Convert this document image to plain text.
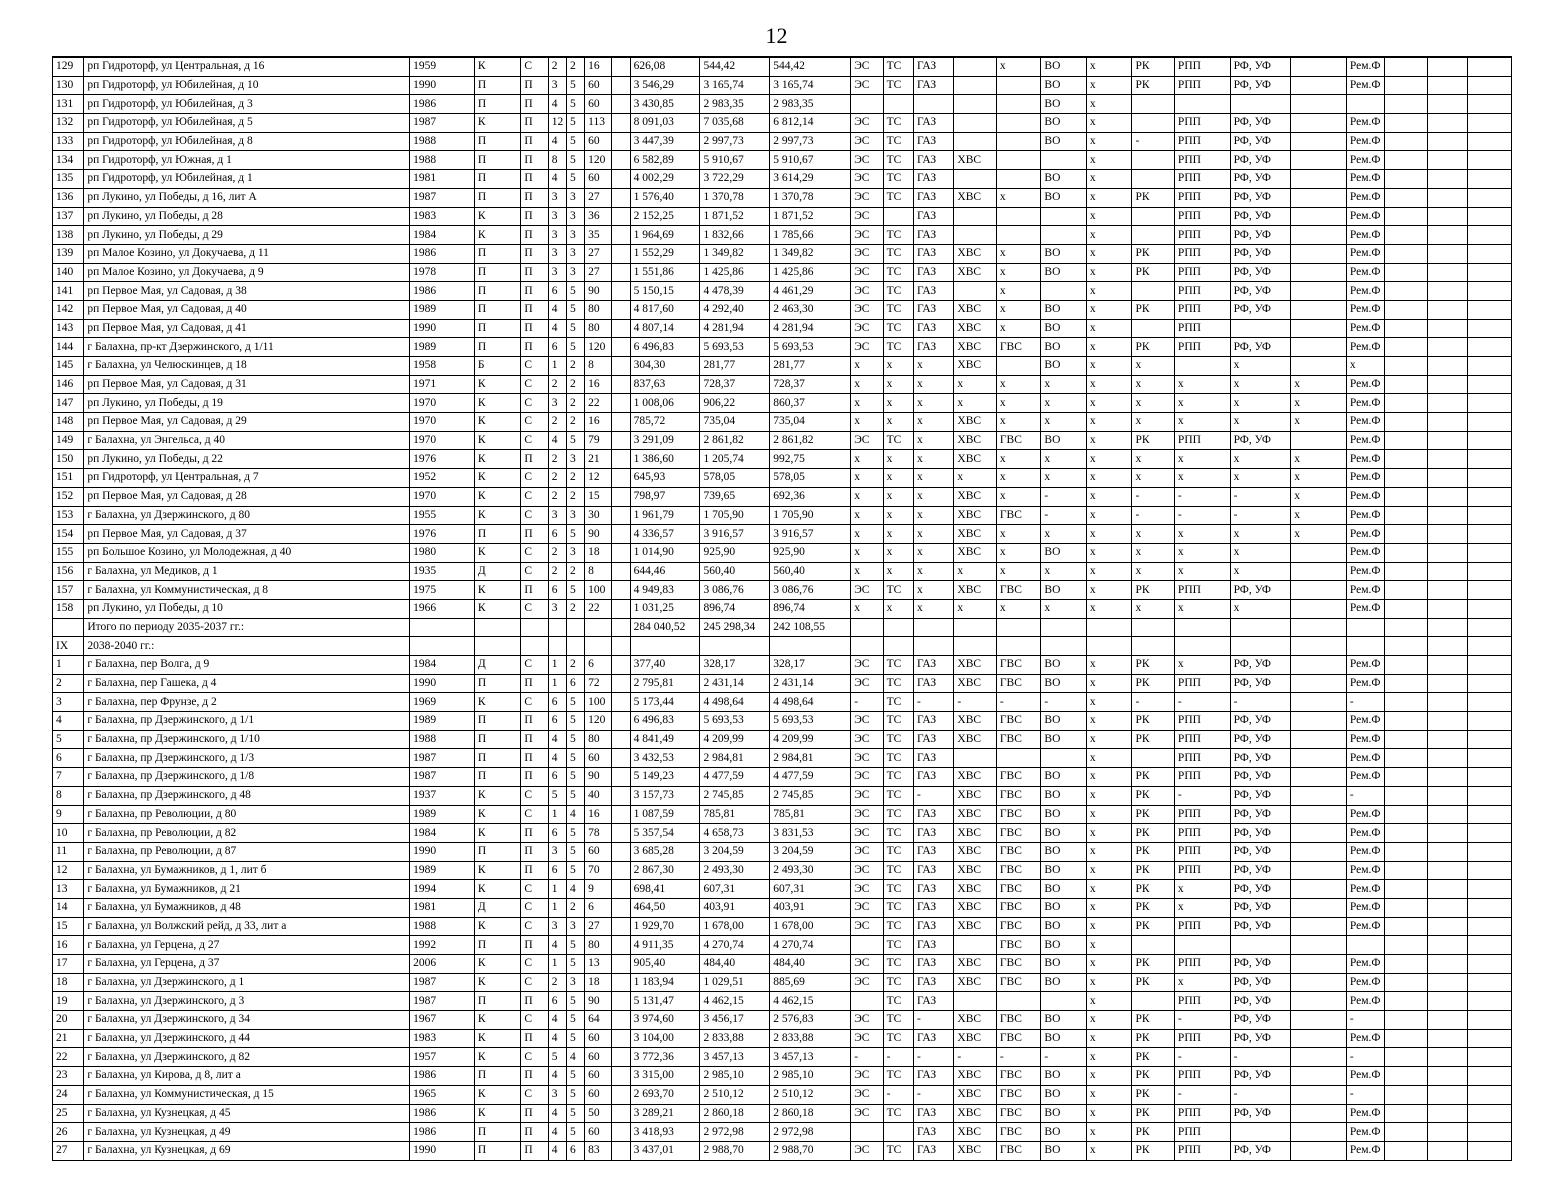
12
129	рп Гидроторф, ул Центральная, д 16	1959	К	С	2	2	16		626,08	544,42	544,42	ЭС	ТС	ГАЗ		х	ВО	х	РК	РПП	РФ, УФ		Рем.Ф			
130	рп Гидроторф, ул Юбилейная, д 10	1990	П	П	3	5	60		3 546,29	3 165,74	3 165,74	ЭС	ТС	ГАЗ			ВО	х	РК	РПП	РФ, УФ		Рем.Ф			
131	рп Гидроторф, ул Юбилейная, д 3	1986	П	П	4	5	60		3 430,85	2 983,35	2 983,35						ВО	х								
132	рп Гидроторф, ул Юбилейная, д 5	1987	К	П	12	5	113		8 091,03	7 035,68	6 812,14	ЭС	ТС	ГАЗ			ВО	х		РПП	РФ, УФ		Рем.Ф			
133	рп Гидроторф, ул Юбилейная, д 8	1988	П	П	4	5	60		3 447,39	2 997,73	2 997,73	ЭС	ТС	ГАЗ			ВО	х	-	РПП	РФ, УФ		Рем.Ф			
134	рп Гидроторф, ул Южная, д 1	1988	П	П	8	5	120		6 582,89	5 910,67	5 910,67	ЭС	ТС	ГАЗ	ХВС			х		РПП	РФ, УФ		Рем.Ф			
135	рп Гидроторф, ул Юбилейная, д 1	1981	П	П	4	5	60		4 002,29	3 722,29	3 614,29	ЭС	ТС	ГАЗ			ВО	х		РПП	РФ, УФ		Рем.Ф			
136	рп Лукино, ул Победы, д 16, лит А	1987	П	П	3	3	27		1 576,40	1 370,78	1 370,78	ЭС	ТС	ГАЗ	ХВС	х	ВО	х	РК	РПП	РФ, УФ		Рем.Ф			
137	рп Лукино, ул Победы, д 28	1983	К	П	3	3	36		2 152,25	1 871,52	1 871,52	ЭС		ГАЗ				х		РПП	РФ, УФ		Рем.Ф			
138	рп Лукино, ул Победы, д 29	1984	К	П	3	3	35		1 964,69	1 832,66	1 785,66	ЭС	ТС	ГАЗ				х		РПП	РФ, УФ		Рем.Ф			
139	рп Малое Козино, ул Докучаева, д 11	1986	П	П	3	3	27		1 552,29	1 349,82	1 349,82	ЭС	ТС	ГАЗ	ХВС	х	ВО	х	РК	РПП	РФ, УФ		Рем.Ф			
140	рп Малое Козино, ул Докучаева, д 9	1978	П	П	3	3	27		1 551,86	1 425,86	1 425,86	ЭС	ТС	ГАЗ	ХВС	х	ВО	х	РК	РПП	РФ, УФ		Рем.Ф			
141	рп Первое Мая, ул Садовая, д 38	1986	П	П	6	5	90		5 150,15	4 478,39	4 461,29	ЭС	ТС	ГАЗ		х		х		РПП	РФ, УФ		Рем.Ф			
142	рп Первое Мая, ул Садовая, д 40	1989	П	П	4	5	80		4 817,60	4 292,40	2 463,30	ЭС	ТС	ГАЗ	ХВС	х	ВО	х	РК	РПП	РФ, УФ		Рем.Ф			
143	рп Первое Мая, ул Садовая, д 41	1990	П	П	4	5	80		4 807,14	4 281,94	4 281,94	ЭС	ТС	ГАЗ	ХВС	х	ВО	х		РПП			Рем.Ф			
144	г Балахна, пр-кт Дзержинского, д 1/11	1989	П	П	6	5	120		6 496,83	5 693,53	5 693,53	ЭС	ТС	ГАЗ	ХВС	ГВС	ВО	х	РК	РПП	РФ, УФ		Рем.Ф			
145	г Балахна, ул Челюскинцев, д 18	1958	Б	С	1	2	8		304,30	281,77	281,77	х	х	х	ХВС		ВО	х	х		х		х			
146	рп Первое Мая, ул Садовая, д 31	1971	К	С	2	2	16		837,63	728,37	728,37	х	х	х	х	х	х	х	х	х	х	х	Рем.Ф			
147	рп Лукино, ул Победы, д 19	1970	К	С	3	2	22		1 008,06	906,22	860,37	х	х	х	х	х	х	х	х	х	х	х	Рем.Ф			
148	рп Первое Мая, ул Садовая, д 29	1970	К	С	2	2	16		785,72	735,04	735,04	х	х	х	ХВС	х	х	х	х	х	х	х	Рем.Ф			
149	г Балахна, ул Энгельса, д 40	1970	К	С	4	5	79		3 291,09	2 861,82	2 861,82	ЭС	ТС	х	ХВС	ГВС	ВО	х	РК	РПП	РФ, УФ		Рем.Ф			
150	рп Лукино, ул Победы, д 22	1976	К	П	2	3	21		1 386,60	1 205,74	992,75	х	х	х	ХВС	х	х	х	х	х	х	х	Рем.Ф			
151	рп Гидроторф, ул Центральная, д 7	1952	К	С	2	2	12		645,93	578,05	578,05	х	х	х	х	х	х	х	х	х	х	х	Рем.Ф			
152	рп Первое Мая, ул Садовая, д 28	1970	К	С	2	2	15		798,97	739,65	692,36	х	х	х	ХВС	х	-	х	-	-	-	х	Рем.Ф			
153	г Балахна, ул Дзержинского, д 80	1955	К	С	3	3	30		1 961,79	1 705,90	1 705,90	х	х	х	ХВС	ГВС	-	х	-	-	-	х	Рем.Ф			
154	рп Первое Мая, ул Садовая, д 37	1976	П	П	6	5	90		4 336,57	3 916,57	3 916,57	х	х	х	ХВС	х	х	х	х	х	х	х	Рем.Ф			
155	рп Большое Козино, ул Молодежная, д 40	1980	К	С	2	3	18		1 014,90	925,90	925,90	х	х	х	ХВС	х	ВО	х	х	х	х		Рем.Ф			
156	г Балахна, ул Медиков, д 1	1935	Д	С	2	2	8		644,46	560,40	560,40	х	х	х	х	х	х	х	х	х	х		Рем.Ф			
157	г Балахна, ул Коммунистическая, д 8	1975	К	П	6	5	100		4 949,83	3 086,76	3 086,76	ЭС	ТС	х	ХВС	ГВС	ВО	х	РК	РПП	РФ, УФ		Рем.Ф			
158	рп Лукино, ул Победы, д 10	1966	К	С	3	2	22		1 031,25	896,74	896,74	х	х	х	х	х	х	х	х	х	х		Рем.Ф			
	Итого по периоду 2035-2037 гг.:								284 040,52	245 298,34	242 108,55															
IX	2038-2040 гг.:																									
1	г Балахна, пер Волга, д 9	1984	Д	С	1	2	6		377,40	328,17	328,17	ЭС	ТС	ГАЗ	ХВС	ГВС	ВО	х	РК	х	РФ, УФ		Рем.Ф			
2	г Балахна, пер Гашека, д 4	1990	П	П	1	6	72		2 795,81	2 431,14	2 431,14	ЭС	ТС	ГАЗ	ХВС	ГВС	ВО	х	РК	РПП	РФ, УФ		Рем.Ф			
3	г Балахна, пер Фрунзе, д 2	1969	К	С	6	5	100		5 173,44	4 498,64	4 498,64	-	ТС	-	-	-	-	х	-	-	-		-			
4	г Балахна, пр Дзержинского, д 1/1	1989	П	П	6	5	120		6 496,83	5 693,53	5 693,53	ЭС	ТС	ГАЗ	ХВС	ГВС	ВО	х	РК	РПП	РФ, УФ		Рем.Ф			
5	г Балахна, пр Дзержинского, д 1/10	1988	П	П	4	5	80		4 841,49	4 209,99	4 209,99	ЭС	ТС	ГАЗ	ХВС	ГВС	ВО	х	РК	РПП	РФ, УФ		Рем.Ф			
6	г Балахна, пр Дзержинского, д 1/3	1987	П	П	4	5	60		3 432,53	2 984,81	2 984,81	ЭС	ТС	ГАЗ				х		РПП	РФ, УФ		Рем.Ф			
7	г Балахна, пр Дзержинского, д 1/8	1987	П	П	6	5	90		5 149,23	4 477,59	4 477,59	ЭС	ТС	ГАЗ	ХВС	ГВС	ВО	х	РК	РПП	РФ, УФ		Рем.Ф			
8	г Балахна, пр Дзержинского, д 48	1937	К	С	5	5	40		3 157,73	2 745,85	2 745,85	ЭС	ТС	-	ХВС	ГВС	ВО	х	РК	-	РФ, УФ		-			
9	г Балахна, пр Революции, д 80	1989	К	С	1	4	16		1 087,59	785,81	785,81	ЭС	ТС	ГАЗ	ХВС	ГВС	ВО	х	РК	РПП	РФ, УФ		Рем.Ф			
10	г Балахна, пр Революции, д 82	1984	К	П	6	5	78		5 357,54	4 658,73	3 831,53	ЭС	ТС	ГАЗ	ХВС	ГВС	ВО	х	РК	РПП	РФ, УФ		Рем.Ф			
11	г Балахна, пр Революции, д 87	1990	П	П	3	5	60		3 685,28	3 204,59	3 204,59	ЭС	ТС	ГАЗ	ХВС	ГВС	ВО	х	РК	РПП	РФ, УФ		Рем.Ф			
12	г Балахна, ул Бумажников, д 1, лит б	1989	К	П	6	5	70		2 867,30	2 493,30	2 493,30	ЭС	ТС	ГАЗ	ХВС	ГВС	ВО	х	РК	РПП	РФ, УФ		Рем.Ф			
13	г Балахна, ул Бумажников, д 21	1994	К	С	1	4	9		698,41	607,31	607,31	ЭС	ТС	ГАЗ	ХВС	ГВС	ВО	х	РК	х	РФ, УФ		Рем.Ф			
14	г Балахна, ул Бумажников, д 48	1981	Д	С	1	2	6		464,50	403,91	403,91	ЭС	ТС	ГАЗ	ХВС	ГВС	ВО	х	РК	х	РФ, УФ		Рем.Ф			
15	г Балахна, ул Волжский рейд, д 33, лит а	1988	К	С	3	3	27		1 929,70	1 678,00	1 678,00	ЭС	ТС	ГАЗ	ХВС	ГВС	ВО	х	РК	РПП	РФ, УФ		Рем.Ф			
16	г Балахна, ул Герцена, д 27	1992	П	П	4	5	80		4 911,35	4 270,74	4 270,74		ТС	ГАЗ		ГВС	ВО	х								
17	г Балахна, ул Герцена, д 37	2006	К	С	1	5	13		905,40	484,40	484,40	ЭС	ТС	ГАЗ	ХВС	ГВС	ВО	х	РК	РПП	РФ, УФ		Рем.Ф			
18	г Балахна, ул Дзержинского, д 1	1987	К	С	2	3	18		1 183,94	1 029,51	885,69	ЭС	ТС	ГАЗ	ХВС	ГВС	ВО	х	РК	х	РФ, УФ		Рем.Ф			
19	г Балахна, ул Дзержинского, д 3	1987	П	П	6	5	90		5 131,47	4 462,15	4 462,15		ТС	ГАЗ				х		РПП	РФ, УФ		Рем.Ф			
20	г Балахна, ул Дзержинского, д 34	1967	К	С	4	5	64		3 974,60	3 456,17	2 576,83	ЭС	ТС	-	ХВС	ГВС	ВО	х	РК	-	РФ, УФ		-			
21	г Балахна, ул Дзержинского, д 44	1983	К	П	4	5	60		3 104,00	2 833,88	2 833,88	ЭС	ТС	ГАЗ	ХВС	ГВС	ВО	х	РК	РПП	РФ, УФ		Рем.Ф			
22	г Балахна, ул Дзержинского, д 82	1957	К	С	5	4	60		3 772,36	3 457,13	3 457,13	-	-	-	-	-	-	х	РК	-	-		-			
23	г Балахна, ул Кирова, д 8, лит а	1986	П	П	4	5	60		3 315,00	2 985,10	2 985,10	ЭС	ТС	ГАЗ	ХВС	ГВС	ВО	х	РК	РПП	РФ, УФ		Рем.Ф			
24	г Балахна, ул Коммунистическая, д 15	1965	К	С	3	5	60		2 693,70	2 510,12	2 510,12	ЭС	-	-	ХВС	ГВС	ВО	х	РК	-	-		-			
25	г Балахна, ул Кузнецкая, д 45	1986	К	П	4	5	50		3 289,21	2 860,18	2 860,18	ЭС	ТС	ГАЗ	ХВС	ГВС	ВО	х	РК	РПП	РФ, УФ		Рем.Ф			
26	г Балахна, ул Кузнецкая, д 49	1986	П	П	4	5	60		3 418,93	2 972,98	2 972,98			ГАЗ	ХВС	ГВС	ВО	х	РК	РПП			Рем.Ф			
27	г Балахна, ул Кузнецкая, д 69	1990	П	П	4	6	83		3 437,01	2 988,70	2 988,70	ЭС	ТС	ГАЗ	ХВС	ГВС	ВО	х	РК	РПП	РФ, УФ		Рем.Ф			
